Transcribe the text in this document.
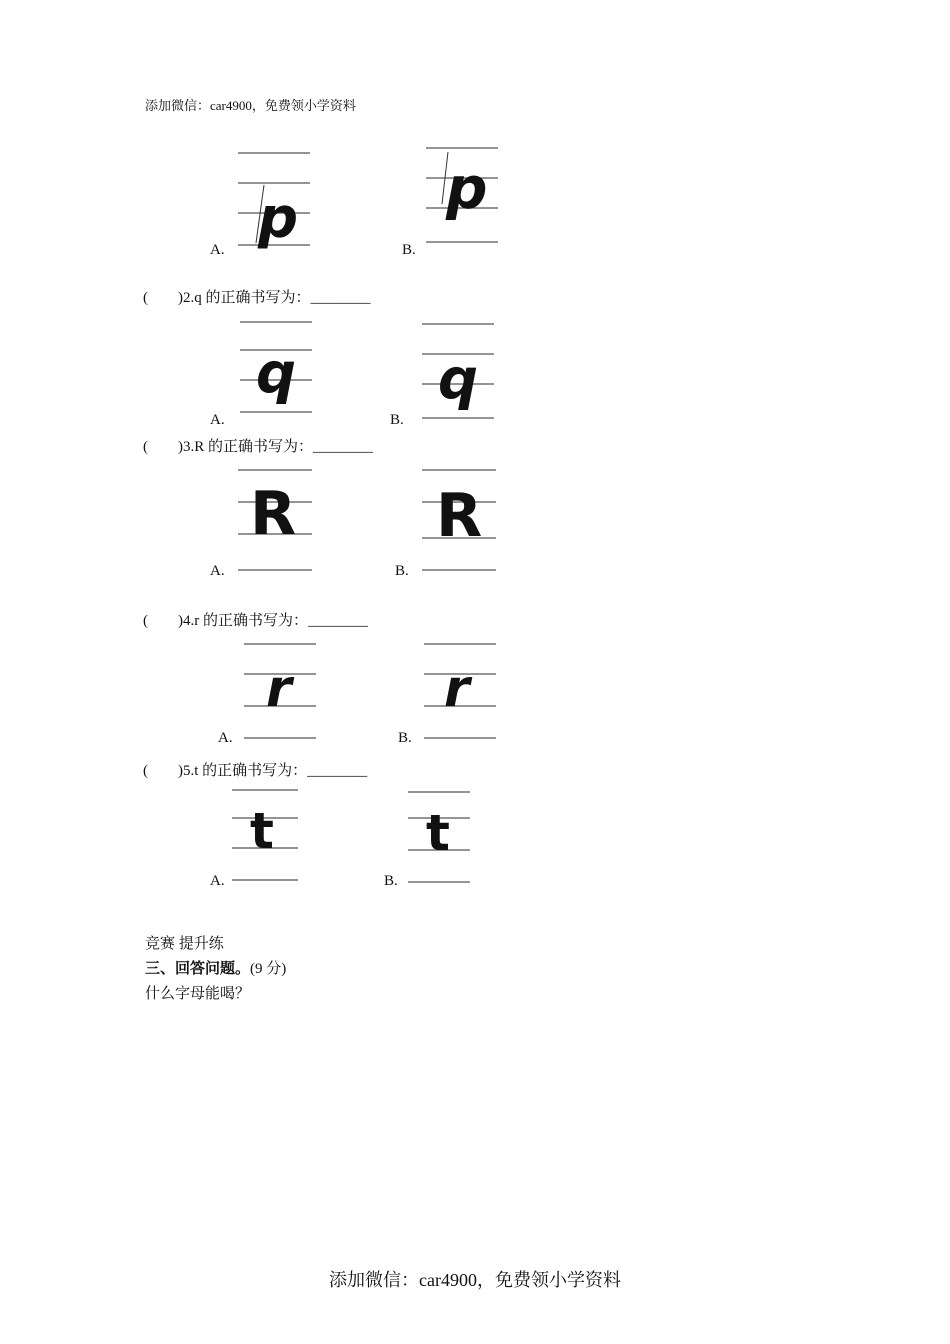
添加微信：car4900，免费领小学资料
p
A.
p
B.
(        )2.q 的正确书写为：________
q
A.
q
B.
(        )3.R 的正确书写为：________
R
A.
R
B.
(        )4.r 的正确书写为：________
r
A.
r
B.
(        )5.t 的正确书写为：________
t
A.
t
B.
竞赛 提升练
三、回答问题。(9 分)
什么字母能喝？
添加微信：car4900，免费领小学资料
